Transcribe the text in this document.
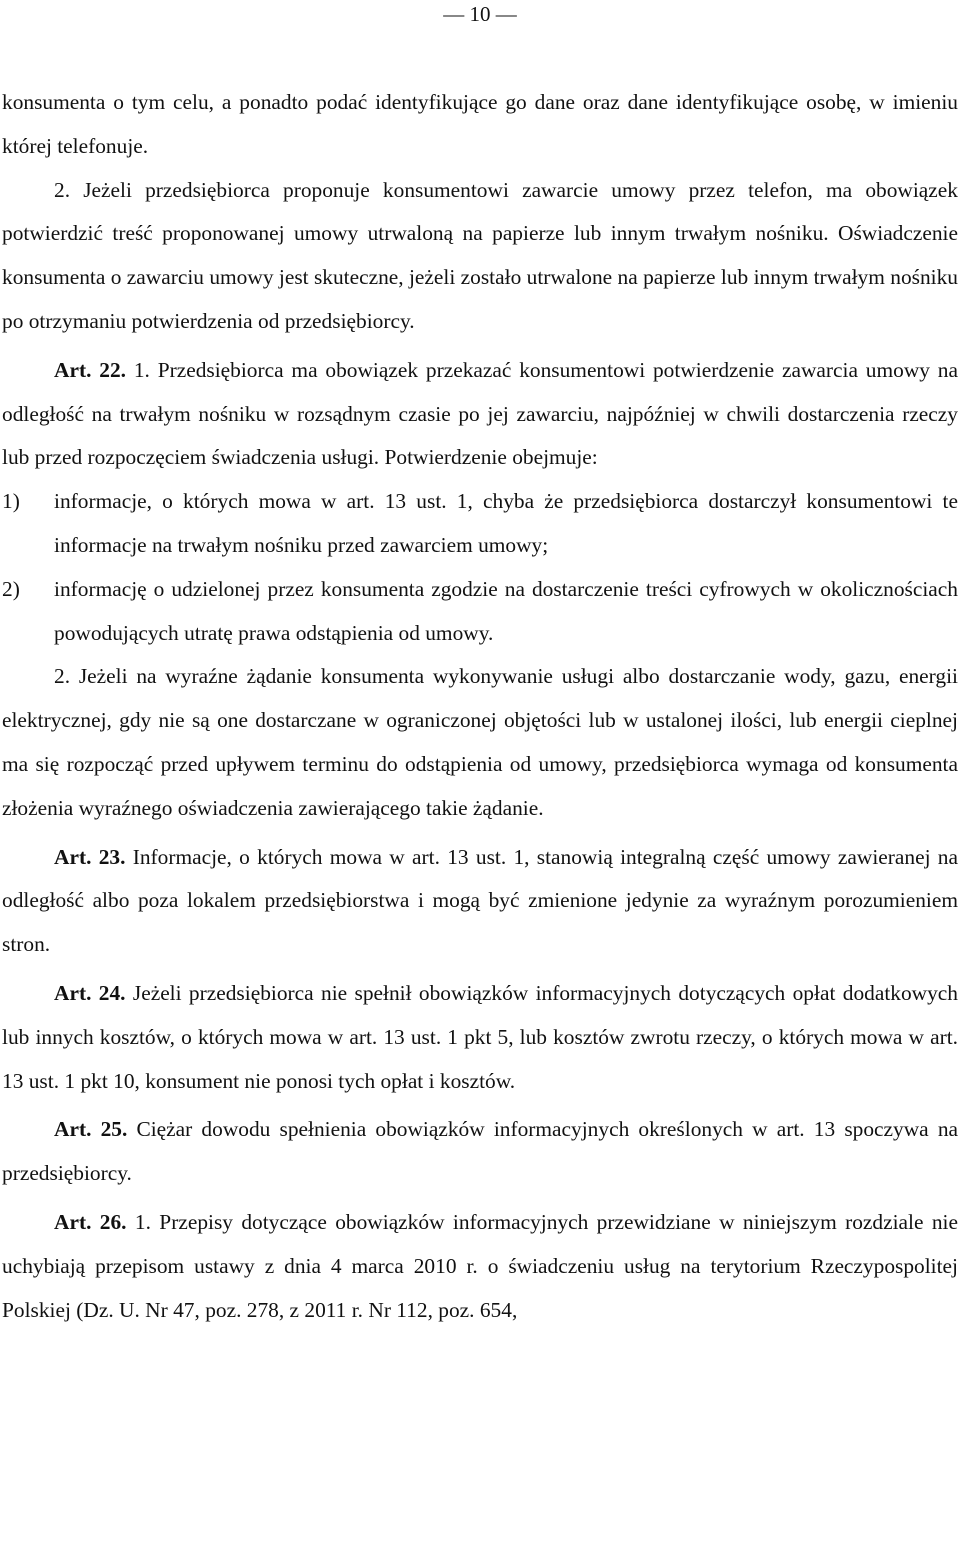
— 10 —

konsumenta o tym celu, a ponadto podać identyfikujące go dane oraz dane identyfikujące osobę, w imieniu której telefonuje.

2. Jeżeli przedsiębiorca proponuje konsumentowi zawarcie umowy przez telefon, ma obowiązek potwierdzić treść proponowanej umowy utrwaloną na papierze lub innym trwałym nośniku. Oświadczenie konsumenta o zawarciu umowy jest skuteczne, jeżeli zostało utrwalone na papierze lub innym trwałym nośniku po otrzymaniu potwierdzenia od przedsiębiorcy.

Art. 22. 1. Przedsiębiorca ma obowiązek przekazać konsumentowi potwierdzenie zawarcia umowy na odległość na trwałym nośniku w rozsądnym czasie po jej zawarciu, najpóźniej w chwili dostarczenia rzeczy lub przed rozpoczęciem świadczenia usługi. Potwierdzenie obejmuje:

1) informacje, o których mowa w art. 13 ust. 1, chyba że przedsiębiorca dostarczył konsumentowi te informacje na trwałym nośniku przed zawarciem umowy;
2) informację o udzielonej przez konsumenta zgodzie na dostarczenie treści cyfrowych w okolicznościach powodujących utratę prawa odstąpienia od umowy.

2. Jeżeli na wyraźne żądanie konsumenta wykonywanie usługi albo dostarczanie wody, gazu, energii elektrycznej, gdy nie są one dostarczane w ograniczonej objętości lub w ustalonej ilości, lub energii cieplnej ma się rozpocząć przed upływem terminu do odstąpienia od umowy, przedsiębiorca wymaga od konsumenta złożenia wyraźnego oświadczenia zawierającego takie żądanie.

Art. 23. Informacje, o których mowa w art. 13 ust. 1, stanowią integralną część umowy zawieranej na odległość albo poza lokalem przedsiębiorstwa i mogą być zmienione jedynie za wyraźnym porozumieniem stron.

Art. 24. Jeżeli przedsiębiorca nie spełnił obowiązków informacyjnych dotyczących opłat dodatkowych lub innych kosztów, o których mowa w art. 13 ust. 1 pkt 5, lub kosztów zwrotu rzeczy, o których mowa w art. 13 ust. 1 pkt 10, konsument nie ponosi tych opłat i kosztów.

Art. 25. Ciężar dowodu spełnienia obowiązków informacyjnych określonych w art. 13 spoczywa na przedsiębiorcy.

Art. 26. 1. Przepisy dotyczące obowiązków informacyjnych przewidziane w niniejszym rozdziale nie uchybiają przepisom ustawy z dnia 4 marca 2010 r. o świadczeniu usług na terytorium Rzeczypospolitej Polskiej (Dz. U. Nr 47, poz. 278, z 2011 r. Nr 112, poz. 654,
